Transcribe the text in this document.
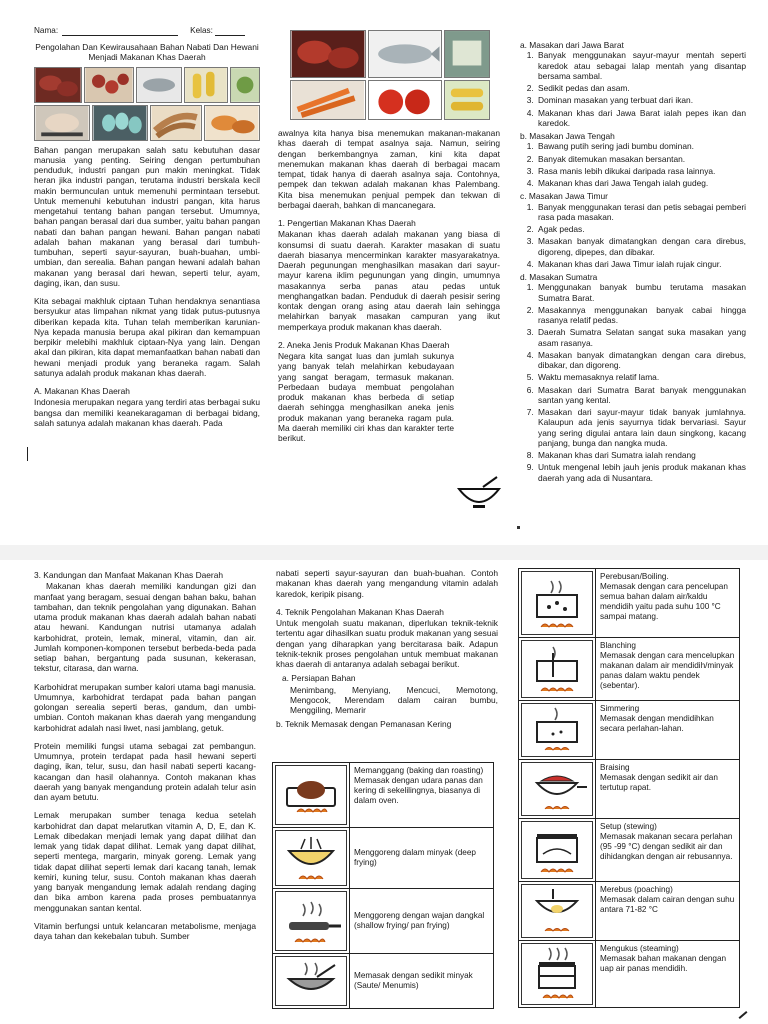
Nama:	Kelas:
Pengolahan Dan Kewirausahaan Bahan Nabati Dan Hewani Menjadi Makanan Khas Daerah

Bahan pangan merupakan salah satu kebutuhan dasar manusia yang penting. Seiring dengan pertumbuhan penduduk, industri pangan pun makin meningkat. Tidak heran jika industri pangan, terutama industri berskala kecil makin bermunculan untuk memenuhi permintaan tersebut. Untuk memenuhi kebutuhan industri pangan, kita harus mengetahui tentang bahan pangan tersebut. Umumnya, bahan pangan berasal dari dua sumber, yaitu bahan pangan nabati dan bahan pangan hewani. Bahan pangan nabati adalah bahan makanan yang berasal dari tumbuh-tumbuhan, seperti sayur-sayuran, buah-buahan, umbi-umbian, dan serealia. Bahan pangan hewani adalah bahan makanan yang berasal dari hewan, seperti telur, ayam, daging, ikan, dan susu.

Kita sebagai makhluk ciptaan Tuhan hendaknya senantiasa bersyukur atas limpahan nikmat yang tidak putus-putusnya diberikan kepada kita. Tuhan telah memberikan karunian-Nya kepada manusia berupa akal pikiran dan kemampuan berpikir melebihi makhluk ciptaan-Nya yang lain. Dengan akal dan pikiran, kita dapat memanfaatkan bahan nabati dan hewani menjadi produk yang beraneka ragam. Salah satunya adalah produk makanan khas daerah.

A. Makanan Khas Daerah

Indonesia merupakan negara yang terdiri atas berbagai suku bangsa dan memiliki keanekaragaman di berbagai bidang, salah satunya adalah makanan khas daerah. Pada

awalnya kita hanya bisa menemukan makanan-makanan khas daerah di tempat asalnya saja. Namun, seiring dengan berkembangnya zaman, kini kita dapat menemukan makanan khas daerah di berbagai macam tempat, tidak hanya di daerah asalnya saja. Contohnya, pempek dan tekwan adalah makanan khas Palembang. Kita bisa menemukan penjual pempek dan tekwan di berbagai daerah, bahkan di mancanegara.

1. Pengertian Makanan Khas Daerah

Makanan khas daerah adalah makanan yang biasa di konsumsi di suatu daerah. Karakter masakan di suatu daerah biasanya mencerminkan karakter masyarakatnya. Daerah pegunungan menghasilkan masakan dari sayur-mayur karena iklim pegunungan yang dingin, umumnya masakannya serba panas atau pedas untuk menghangatkan badan. Penduduk di daerah pesisir sering kontak dengan orang asing atau daerah lain sehingga melahirkan banyak masakan campuran yang ikut memperkaya produk makanan khas daerah.

2. Aneka Jenis Produk Makanan Khas Daerah

Negara kita sangat luas dan jumlah sukunya yang banyak telah melahirkan kebudayaan yang sangat beragam, termasuk makanan. Perbedaan budaya membuat pengolahan produk makanan khas berbeda di setiap daerah sehingga menghasilkan aneka jenis produk makanan yang beraneka ragam pula. Ma daerah memiliki ciri khas dan karakter terte berikut.

a. Masakan dari Jawa Barat
1. Banyak menggunakan sayur-mayur mentah seperti karedok atau sebagai lalap mentah yang disantap bersama sambal.
2. Sedikit pedas dan asam.
3. Dominan masakan yang terbuat dari ikan.
4. Makanan khas dari Jawa Barat ialah pepes ikan dan karedok.
b. Masakan Jawa Tengah
1. Bawang putih sering jadi bumbu dominan.
2. Banyak ditemukan masakan bersantan.
3. Rasa manis lebih dikukai daripada rasa lainnya.
4. Makanan khas dari Jawa Tengah ialah gudeg.
c. Masakan Jawa Timur
1. Banyak menggunakan terasi dan petis sebagai pemberi rasa pada masakan.
2. Agak pedas.
3. Masakan banyak dimatangkan dengan cara direbus, digoreng, dipepes, dan dibakar.
4. Makanan khas dari Jawa Timur ialah rujak cingur.
d. Masakan Sumatra
1. Menggunakan banyak bumbu terutama masakan Sumatra Barat.
2. Masakannya menggunakan banyak cabai hingga rasanya relatif pedas.
3. Daerah Sumatra Selatan sangat suka masakan yang asam rasanya.
4. Masakan banyak dimatangkan dengan cara direbus, dibakar, dan digoreng.
5. Waktu memasaknya relatif lama.
6. Masakan dari Sumatra Barat banyak menggunakan santan yang kental.
7. Masakan dari sayur-mayur tidak banyak jumlahnya. Kalaupun ada jenis sayurnya tidak bervariasi. Sayur yang sering digulai antara lain daun singkong, kacang panjang, bunga dan nangka muda.
8. Makanan khas dari Sumatra ialah rendang
9. Untuk mengenal lebih jauh jenis produk makanan khas daerah yang ada di Nusantara.
3. Kandungan dan Manfaat Makanan Khas Daerah

Makanan khas daerah memiliki kandungan gizi dan manfaat yang beragam, sesuai dengan bahan baku, bahan tambahan, dan teknik pengolahan yang digunakan. Bahan utama produk makanan khas daerah adalah bahan nabati atau hewani. Kandungan nutrisi utamanya adalah karbohidrat, protein, lemak, mineral, vitamin, dan air. Jumlah komponen-komponen tersebut berbeda-beda pada setiap bahan, bergantung pada susunan, kekerasan, tekstur, citarasa, dan warna.

Karbohidrat merupakan sumber kalori utama bagi manusia. Umumnya, karbohidrat terdapat pada bahan pangan golongan serealia seperti beras, gandum, dan umbi-umbian. Contoh makanan khas daerah yang mengandung karbohidrat adalah nasi liwet, nasi jamblang, getuk.

Protein memiliki fungsi utama sebagai zat pembangun. Umumnya, protein terdapat pada hasil hewani seperti daging, ikan, telur, susu, dan hasil nabati seperti kacang-kacangan dan hasil olahannya. Contoh makanan khas daerah yang banyak mengandung protein adalah telur asin dan ayam betutu.

Lemak merupakan sumber tenaga kedua setelah karbohidrat dan dapat melarutkan vitamin A, D, E, dan K. Lemak dibedakan menjadi lemak yang dapat dilihat dan lemak yang tidak dapat dilihat. Lemak yang dapat dilihat, seperti mentega, margarin, minyak goreng. Lemak yang tidak dapat dilihat seperti lemak dari kacang tanah, lemak kemiri, kuning telur, susu. Contoh makanan khas daerah yang banyak mengandung lemak adalah rendang daging dan bika ambon karena pada proses pembuatannya menggunakan santan kental.

Vitamin berfungsi untuk kelancaran metabolisme, menjaga daya tahan dan kekebalan tubuh. Sumber

nabati seperti sayur-sayuran dan buah-buahan. Contoh makanan khas daerah yang mengandung vitamin adalah karedok, keripik pisang.

4. Teknik Pengolahan Makanan Khas Daerah

Untuk mengolah suatu makanan, diperlukan teknik-teknik tertentu agar dihasilkan suatu produk makanan yang sesuai dengan yang diharapkan yang bercitarasa baik. Adapun teknik-teknik proses pengolahan untuk membuat makanan khas daerah di antaranya adalah sebagai berikut.

a. Persiapan Bahan

Menimbang, Menyiang, Mencuci, Memotong, Mengocok, Merendam dalam cairan bumbu, Menggiling, Memarir

b. Teknik Memasak dengan Pemanasan Kering
	Memanggang (baking dan roasting) Memasak dengan udara panas dan kering di sekelilingnya, biasanya di dalam oven.

	Menggoreng dalam minyak (deep frying)

	Menggoreng dengan wajan dangkal (shallow frying/ pan frying)

	Memasak dengan sedikit minyak (Saute/ Menumis)

Perebusan/Boiling.
Memasak dengan cara pencelupan semua bahan dalam air/kaldu mendidih yaitu pada suhu 100 °C sampai matang.

Blanching
Memasak dengan cara mencelupkan makanan dalam air mendidih/minyak panas dalam waktu pendek (sebentar).

Simmering
Memasak dengan mendidihkan secara perlahan-lahan.

Braising
Memasak dengan sedikit air dan tertutup rapat.

Setup (stewing)
Memasak makanan secara perlahan (95 -99 °C) dengan sedikit air dan dihidangkan dengan air rebusannya.

Merebus (poaching)
Memasak dalam cairan dengan suhu antara 71-82 °C

Mengukus (steaming)
Memasak bahan makanan dengan uap air panas mendidih.
